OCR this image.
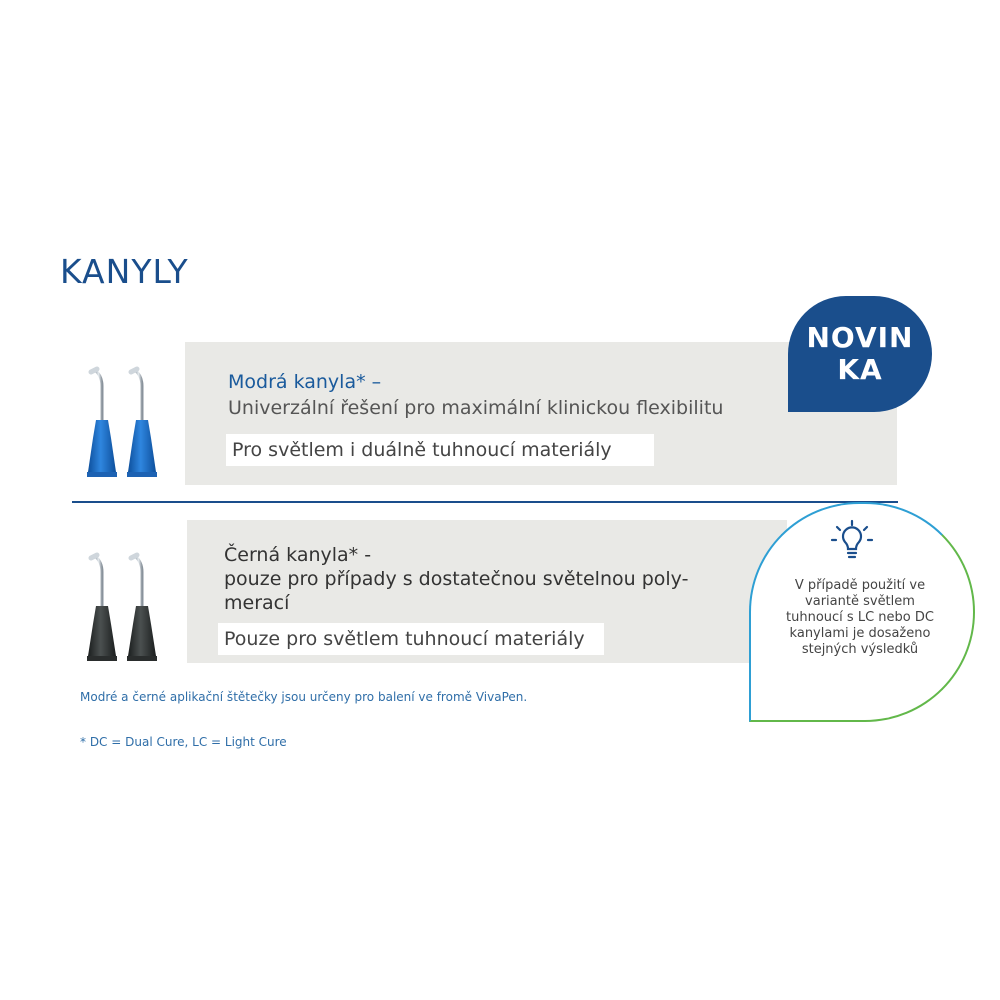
KANYLY
Modrá kanyla* –
Univerzální řešení pro maximální klinickou flexibilitu
Pro světlem i duálně tuhnoucí materiály
Černá kanyla* -
pouze pro případy s dostatečnou světelnou poly-
merací
Pouze pro světlem tuhnoucí materiály
NOVIN
KA
V případě použití ve variantě světlem tuhnoucí s LC nebo DC kanylami je dosaženo stejných výsledků
Modré a černé aplikační štětečky jsou určeny pro balení ve fromě VivaPen.
* DC = Dual Cure, LC = Light Cure
